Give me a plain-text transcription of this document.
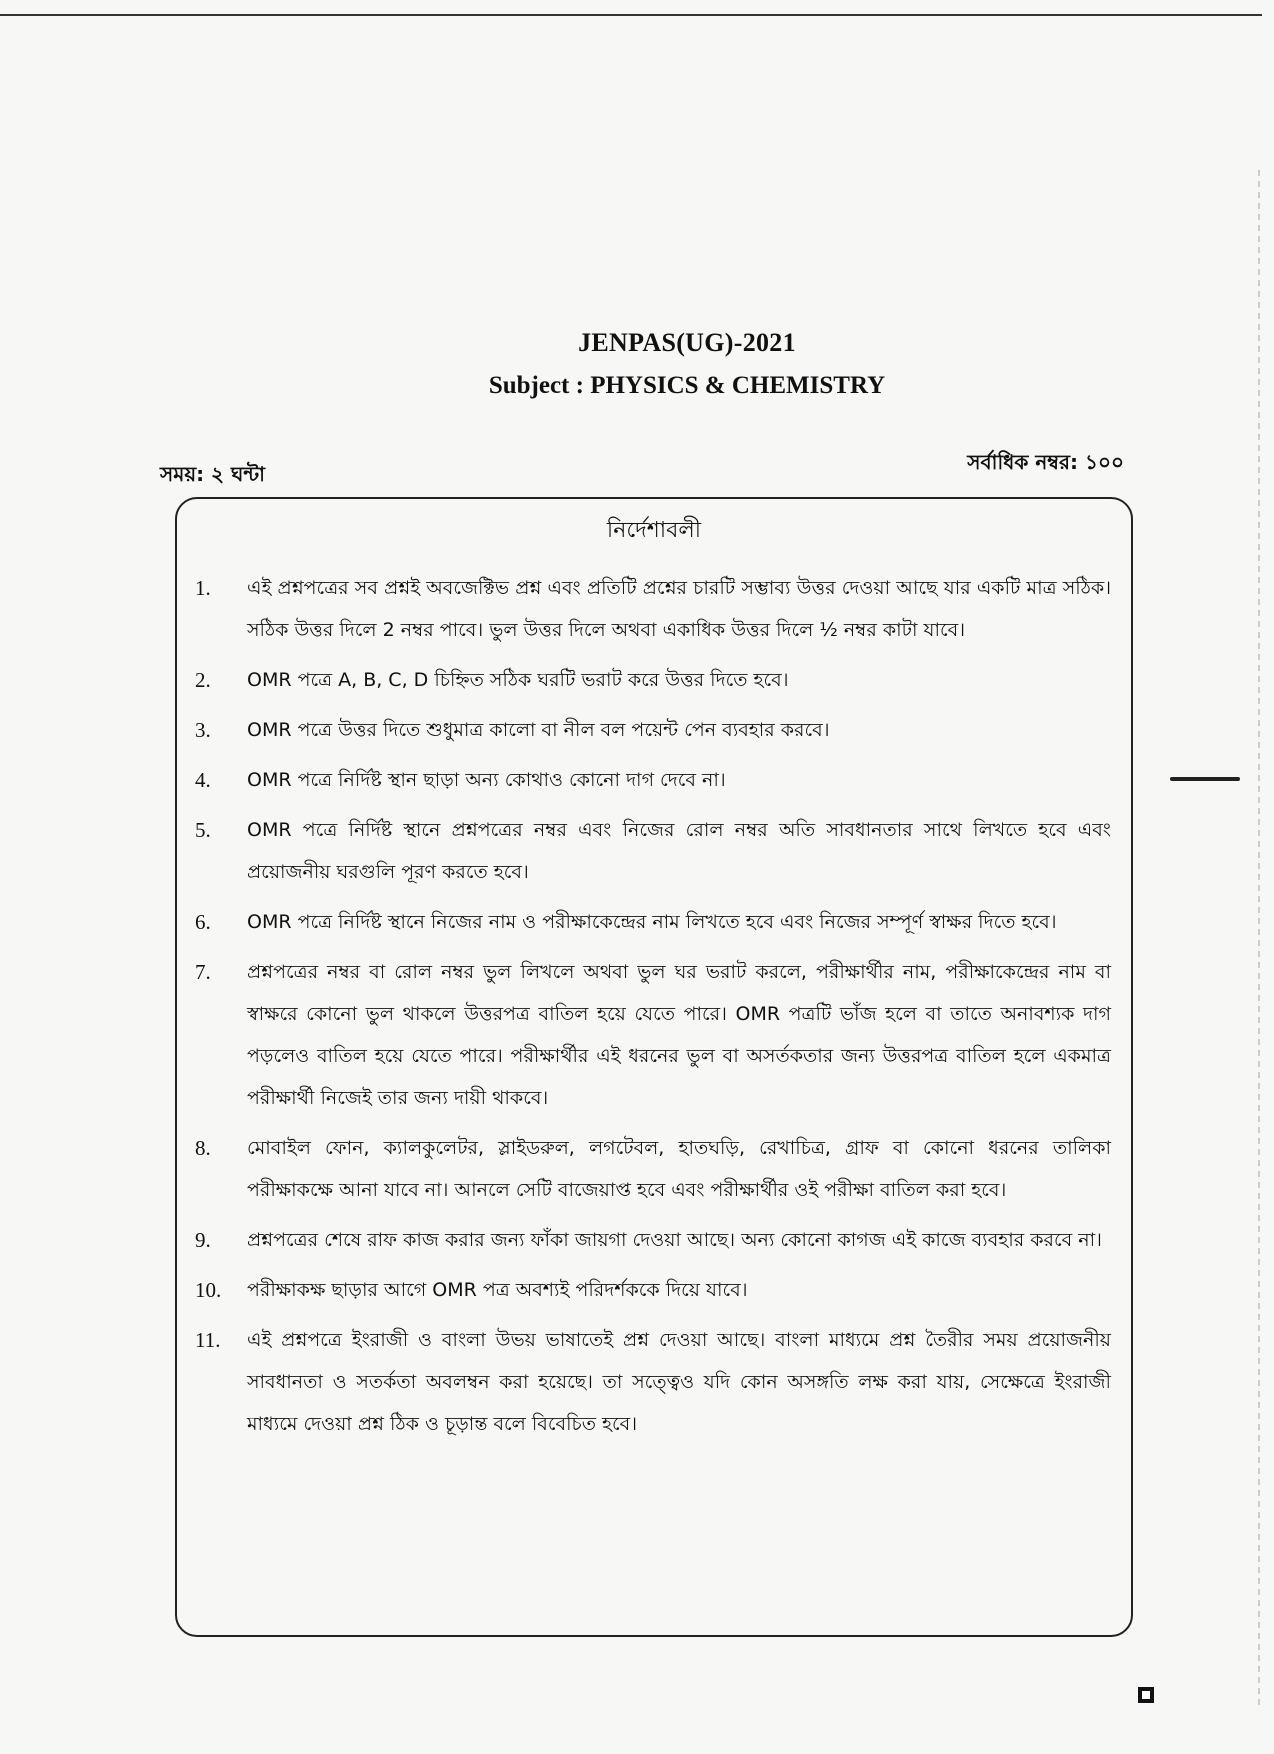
JENPAS(UG)-2021
Subject : PHYSICS & CHEMISTRY
সময়: ২ ঘন্টা	সর্বাধিক নম্বর: ১০০
নির্দেশাবলী
1.	এই প্রশ্নপত্রের সব প্রশ্নই অবজেক্টিভ প্রশ্ন এবং প্রতিটি প্রশ্নের চারটি সম্ভাব্য উত্তর দেওয়া আছে যার একটি মাত্র সঠিক। সঠিক উত্তর দিলে 2 নম্বর পাবে। ভুল উত্তর দিলে অথবা একাধিক উত্তর দিলে ½ নম্বর কাটা যাবে।
2.	OMR পত্রে A, B, C, D চিহ্নিত সঠিক ঘরটি ভরাট করে উত্তর দিতে হবে।
3.	OMR পত্রে উত্তর দিতে শুধুমাত্র কালো বা নীল বল পয়েন্ট পেন ব্যবহার করবে।
4.	OMR পত্রে নির্দিষ্ট স্থান ছাড়া অন্য কোথাও কোনো দাগ দেবে না।
5.	OMR পত্রে নির্দিষ্ট স্থানে প্রশ্নপত্রের নম্বর এবং নিজের রোল নম্বর অতি সাবধানতার সাথে লিখতে হবে এবং প্রয়োজনীয় ঘরগুলি পূরণ করতে হবে।
6.	OMR পত্রে নির্দিষ্ট স্থানে নিজের নাম ও পরীক্ষাকেন্দ্রের নাম লিখতে হবে এবং নিজের সম্পূর্ণ স্বাক্ষর দিতে হবে।
7.	প্রশ্নপত্রের নম্বর বা রোল নম্বর ভুল লিখলে অথবা ভুল ঘর ভরাট করলে, পরীক্ষার্থীর নাম, পরীক্ষাকেন্দ্রের নাম বা স্বাক্ষরে কোনো ভুল থাকলে উত্তরপত্র বাতিল হয়ে যেতে পারে। OMR পত্রটি ভাঁজ হলে বা তাতে অনাবশ্যক দাগ পড়লেও বাতিল হয়ে যেতে পারে। পরীক্ষার্থীর এই ধরনের ভুল বা অসর্তকতার জন্য উত্তরপত্র বাতিল হলে একমাত্র পরীক্ষার্থী নিজেই তার জন্য দায়ী থাকবে।
8.	মোবাইল ফোন, ক্যালকুলেটর, স্লাইডরুল, লগটেবল, হাতঘড়ি, রেখাচিত্র, গ্রাফ বা কোনো ধরনের তালিকা পরীক্ষাকক্ষে আনা যাবে না। আনলে সেটি বাজেয়াপ্ত হবে এবং পরীক্ষার্থীর ওই পরীক্ষা বাতিল করা হবে।
9.	প্রশ্নপত্রের শেষে রাফ কাজ করার জন্য ফাঁকা জায়গা দেওয়া আছে। অন্য কোনো কাগজ এই কাজে ব্যবহার করবে না।
10.	পরীক্ষাকক্ষ ছাড়ার আগে OMR পত্র অবশ্যই পরিদর্শককে দিয়ে যাবে।
11.	এই প্রশ্নপত্রে ইংরাজী ও বাংলা উভয় ভাষাতেই প্রশ্ন দেওয়া আছে। বাংলা মাধ্যমে প্রশ্ন তৈরীর সময় প্রয়োজনীয় সাবধানতা ও সতর্কতা অবলম্বন করা হয়েছে। তা সত্ত্বেও যদি কোন অসঙ্গতি লক্ষ করা যায়, সেক্ষেত্রে ইংরাজী মাধ্যমে দেওয়া প্রশ্ন ঠিক ও চূড়ান্ত বলে বিবেচিত হবে।
